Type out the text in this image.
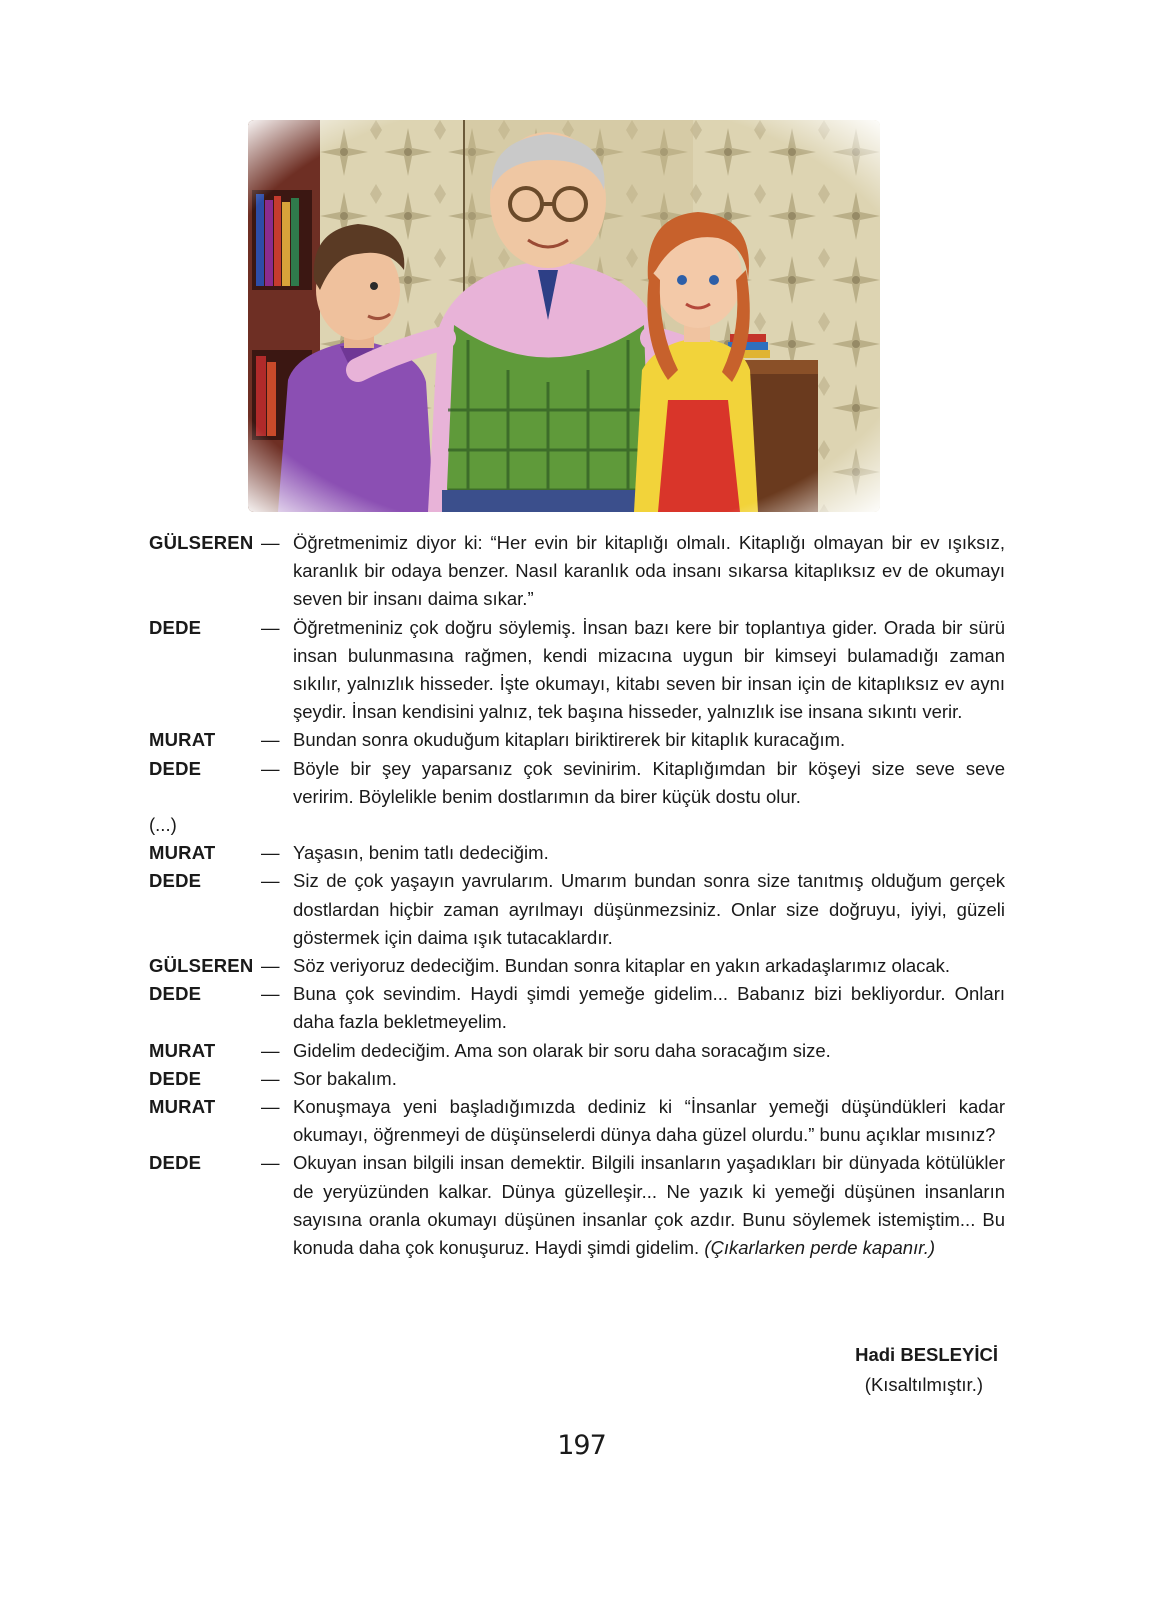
GÜLSEREN — Öğretmenimiz diyor ki: “Her evin bir kitaplığı olmalı. Kitaplığı olmayan bir ev ışıksız, karanlık bir odaya benzer. Nasıl karanlık oda insanı sıkarsa kitaplıksız ev de okumayı seven bir insanı daima sıkar.”
DEDE	— Öğretmeniniz çok doğru söylemiş. İnsan bazı kere bir toplantıya gider. Orada bir sürü insan bulunmasına rağmen, kendi mizacına uygun bir kimseyi bulamadığı zaman sıkılır, yalnızlık hisseder. İşte okumayı, kitabı seven bir insan için de kitaplıksız ev aynı şeydir. İnsan kendisini yalnız, tek başına hisseder, yalnızlık ise insana sıkıntı verir.
MURAT	— Bundan sonra okuduğum kitapları biriktirerek bir kitaplık kuracağım.
DEDE	— Böyle bir şey yaparsanız çok sevinirim. Kitaplığımdan bir köşeyi size seve seve veririm. Böylelikle benim dostlarımın da birer küçük dostu olur.
(...)
MURAT	— Yaşasın, benim tatlı dedeciğim.
DEDE	— Siz de çok yaşayın yavrularım. Umarım bundan sonra size tanıtmış olduğum gerçek dostlardan hiçbir zaman ayrılmayı düşünmezsiniz. Onlar size doğruyu, iyiyi, güzeli göstermek için daima ışık tutacaklardır.
GÜLSEREN — Söz veriyoruz dedeciğim. Bundan sonra kitaplar en yakın arkadaşlarımız olacak.
DEDE	— Buna çok sevindim. Haydi şimdi yemeğe gidelim... Babanız bizi bekliyordur. Onları daha fazla bekletmeyelim.
MURAT	— Gidelim dedeciğim. Ama son olarak bir soru daha soracağım size.
DEDE	— Sor bakalım.
MURAT	— Konuşmaya yeni başladığımızda dediniz ki “İnsanlar yemeği düşündükleri kadar okumayı, öğrenmeyi de düşünselerdi dünya daha güzel olurdu.” bunu açıklar mısınız?
DEDE	— Okuyan insan bilgili insan demektir. Bilgili insanların yaşadıkları bir dünyada kötülükler de yeryüzünden kalkar. Dünya güzelleşir... Ne yazık ki yemeği düşünen insanların sayısına oranla okumayı düşünen insanlar çok azdır. Bunu söylemek istemiştim... Bu konuda daha çok konuşuruz. Haydi şimdi gidelim. (Çıkarlarken perde kapanır.)
Hadi BESLEYİCİ
(Kısaltılmıştır.)
197
